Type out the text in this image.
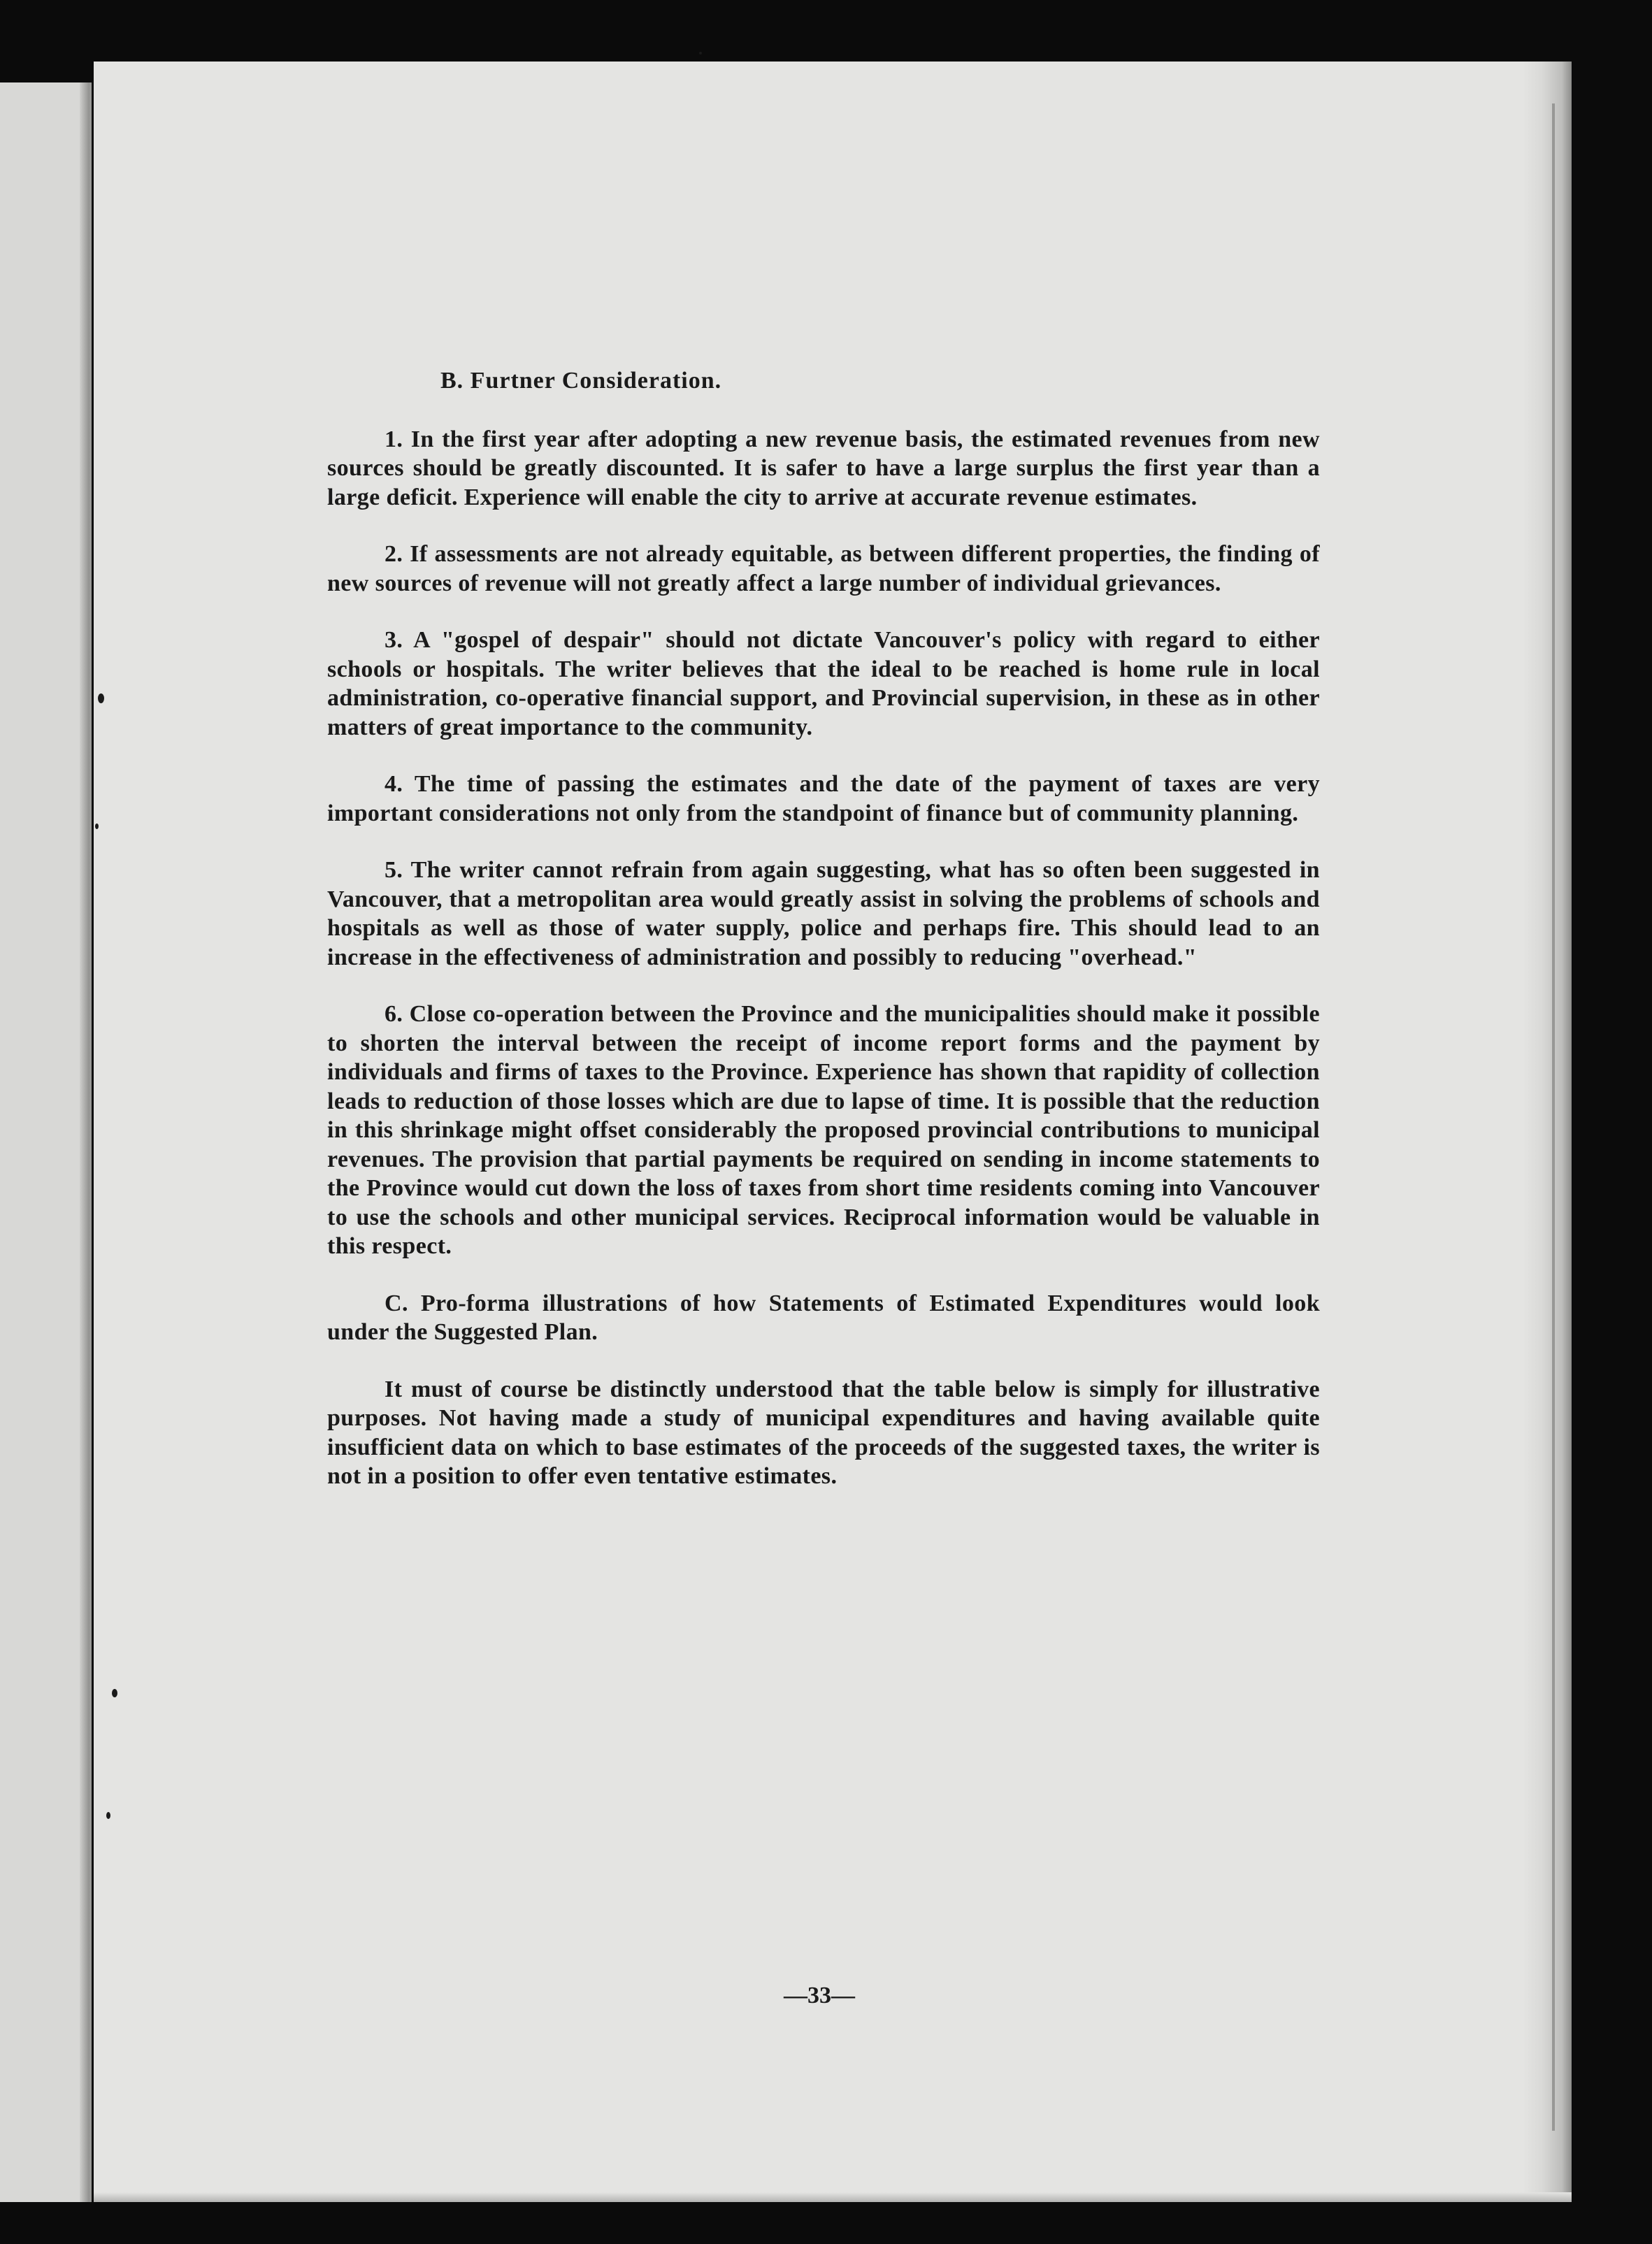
B. Furtner Consideration.

1. In the first year after adopting a new revenue basis, the estimated revenues from new sources should be greatly discounted. It is safer to have a large surplus the first year than a large deficit. Experience will enable the city to arrive at accurate revenue estimates.

2. If assessments are not already equitable, as between different properties, the finding of new sources of revenue will not greatly affect a large number of individual grievances.

3. A "gospel of despair" should not dictate Vancouver's policy with regard to either schools or hospitals. The writer believes that the ideal to be reached is home rule in local administration, co-operative financial support, and Provincial supervision, in these as in other matters of great importance to the community.

4. The time of passing the estimates and the date of the payment of taxes are very important considerations not only from the standpoint of finance but of community planning.

5. The writer cannot refrain from again suggesting, what has so often been suggested in Vancouver, that a metropolitan area would greatly assist in solving the problems of schools and hospitals as well as those of water supply, police and perhaps fire. This should lead to an increase in the effectiveness of administration and possibly to reducing "overhead."

6. Close co-operation between the Province and the municipalities should make it possible to shorten the interval between the receipt of income report forms and the payment by individuals and firms of taxes to the Province. Experience has shown that rapidity of collection leads to reduction of those losses which are due to lapse of time. It is possible that the reduction in this shrinkage might offset considerably the proposed provincial contributions to municipal revenues. The provision that partial payments be required on sending in income statements to the Province would cut down the loss of taxes from short time residents coming into Vancouver to use the schools and other municipal services. Reciprocal information would be valuable in this respect.

C. Pro-forma illustrations of how Statements of Estimated Expenditures would look under the Suggested Plan.

It must of course be distinctly understood that the table below is simply for illustrative purposes. Not having made a study of municipal expenditures and having available quite insufficient data on which to base estimates of the proceeds of the suggested taxes, the writer is not in a position to offer even tentative estimates.

—33—
